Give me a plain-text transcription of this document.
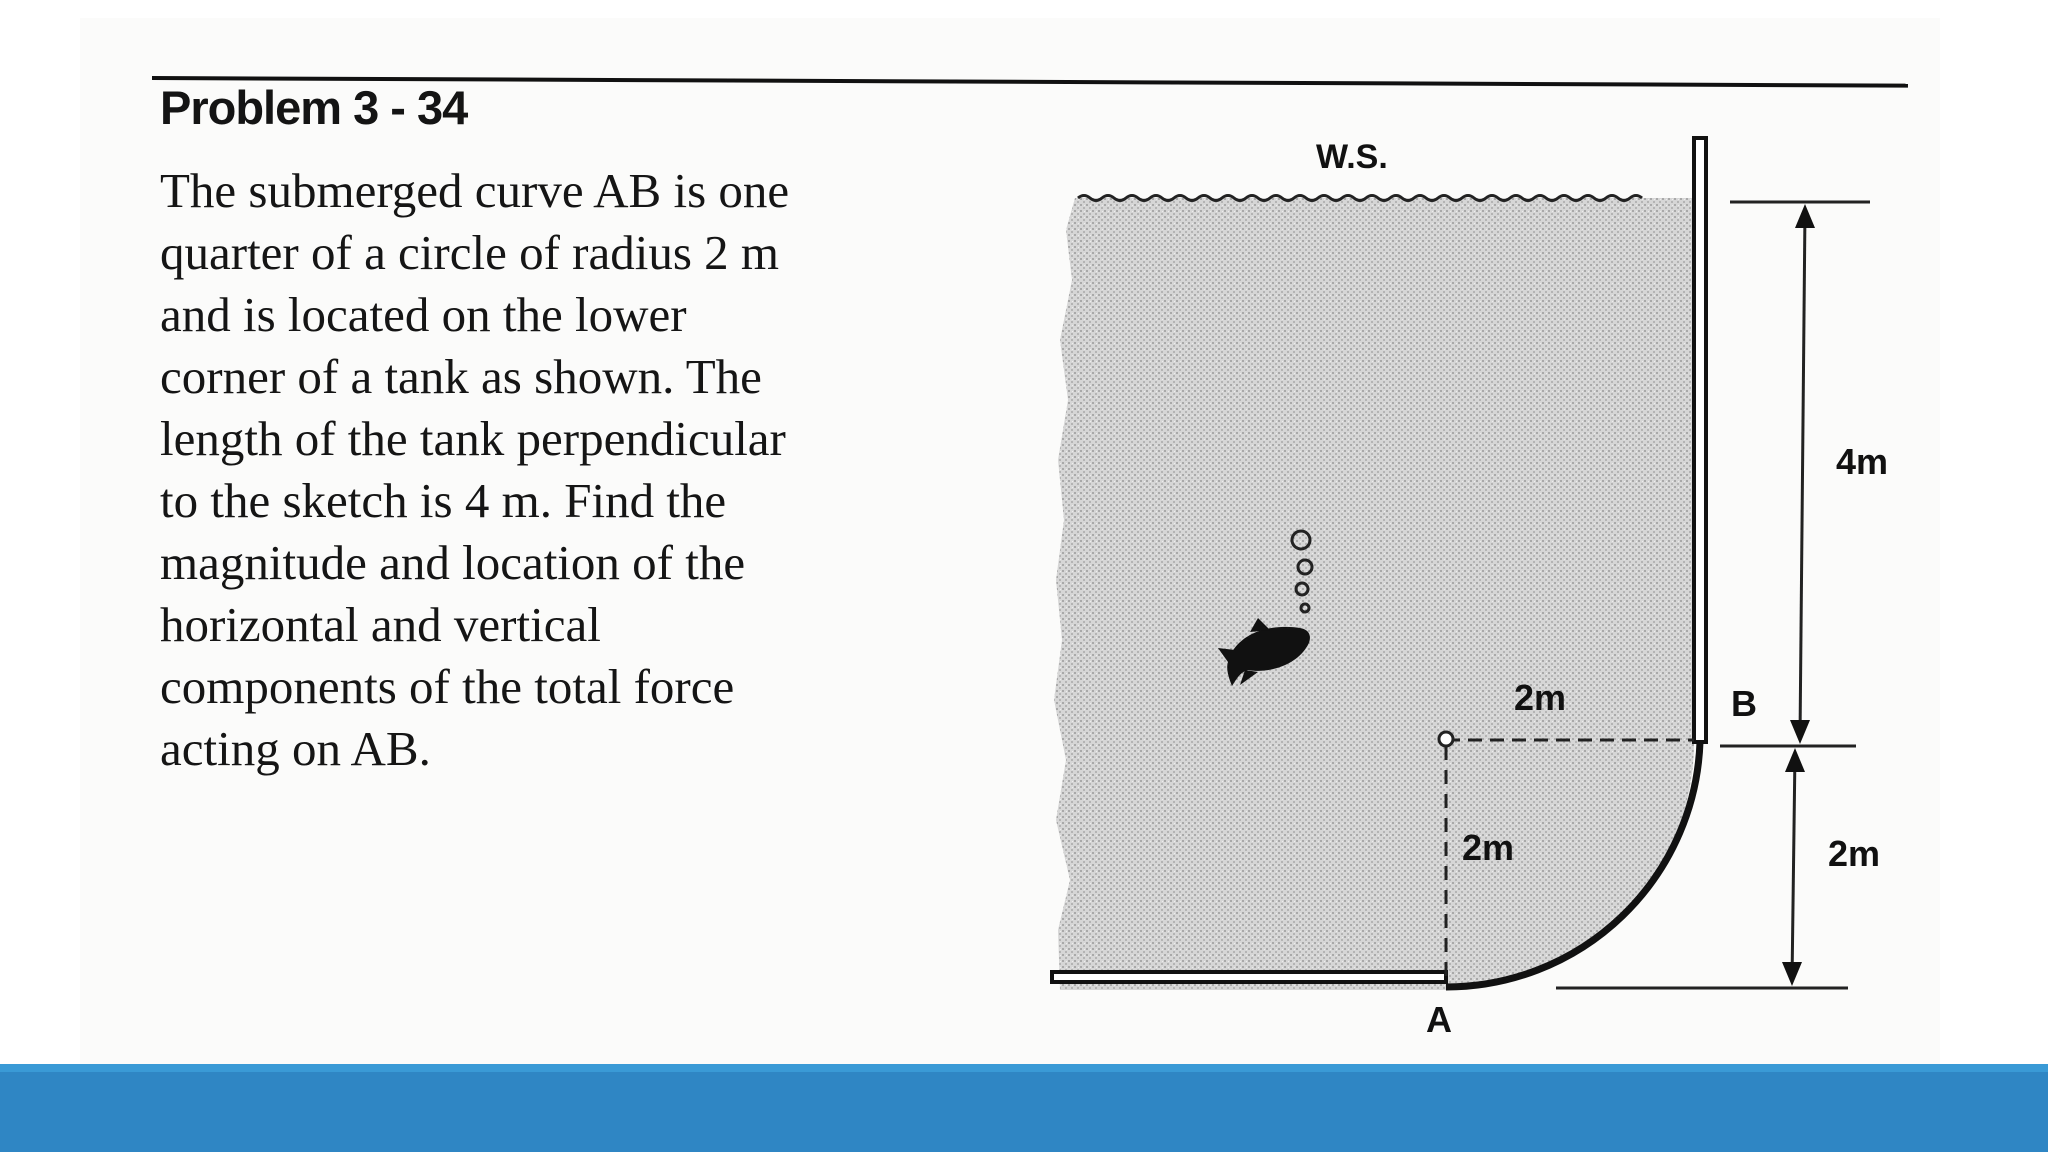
Problem 3 - 34
The submerged curve AB is one
quarter of a circle of radius 2 m
and is located on the lower
corner of a tank as shown. The
length of the tank perpendicular
to the sketch is 4 m. Find the
magnitude and location of the
horizontal and vertical
components of the total force
acting on AB.
W.S.
B
A
2m
2m
4m
2m
